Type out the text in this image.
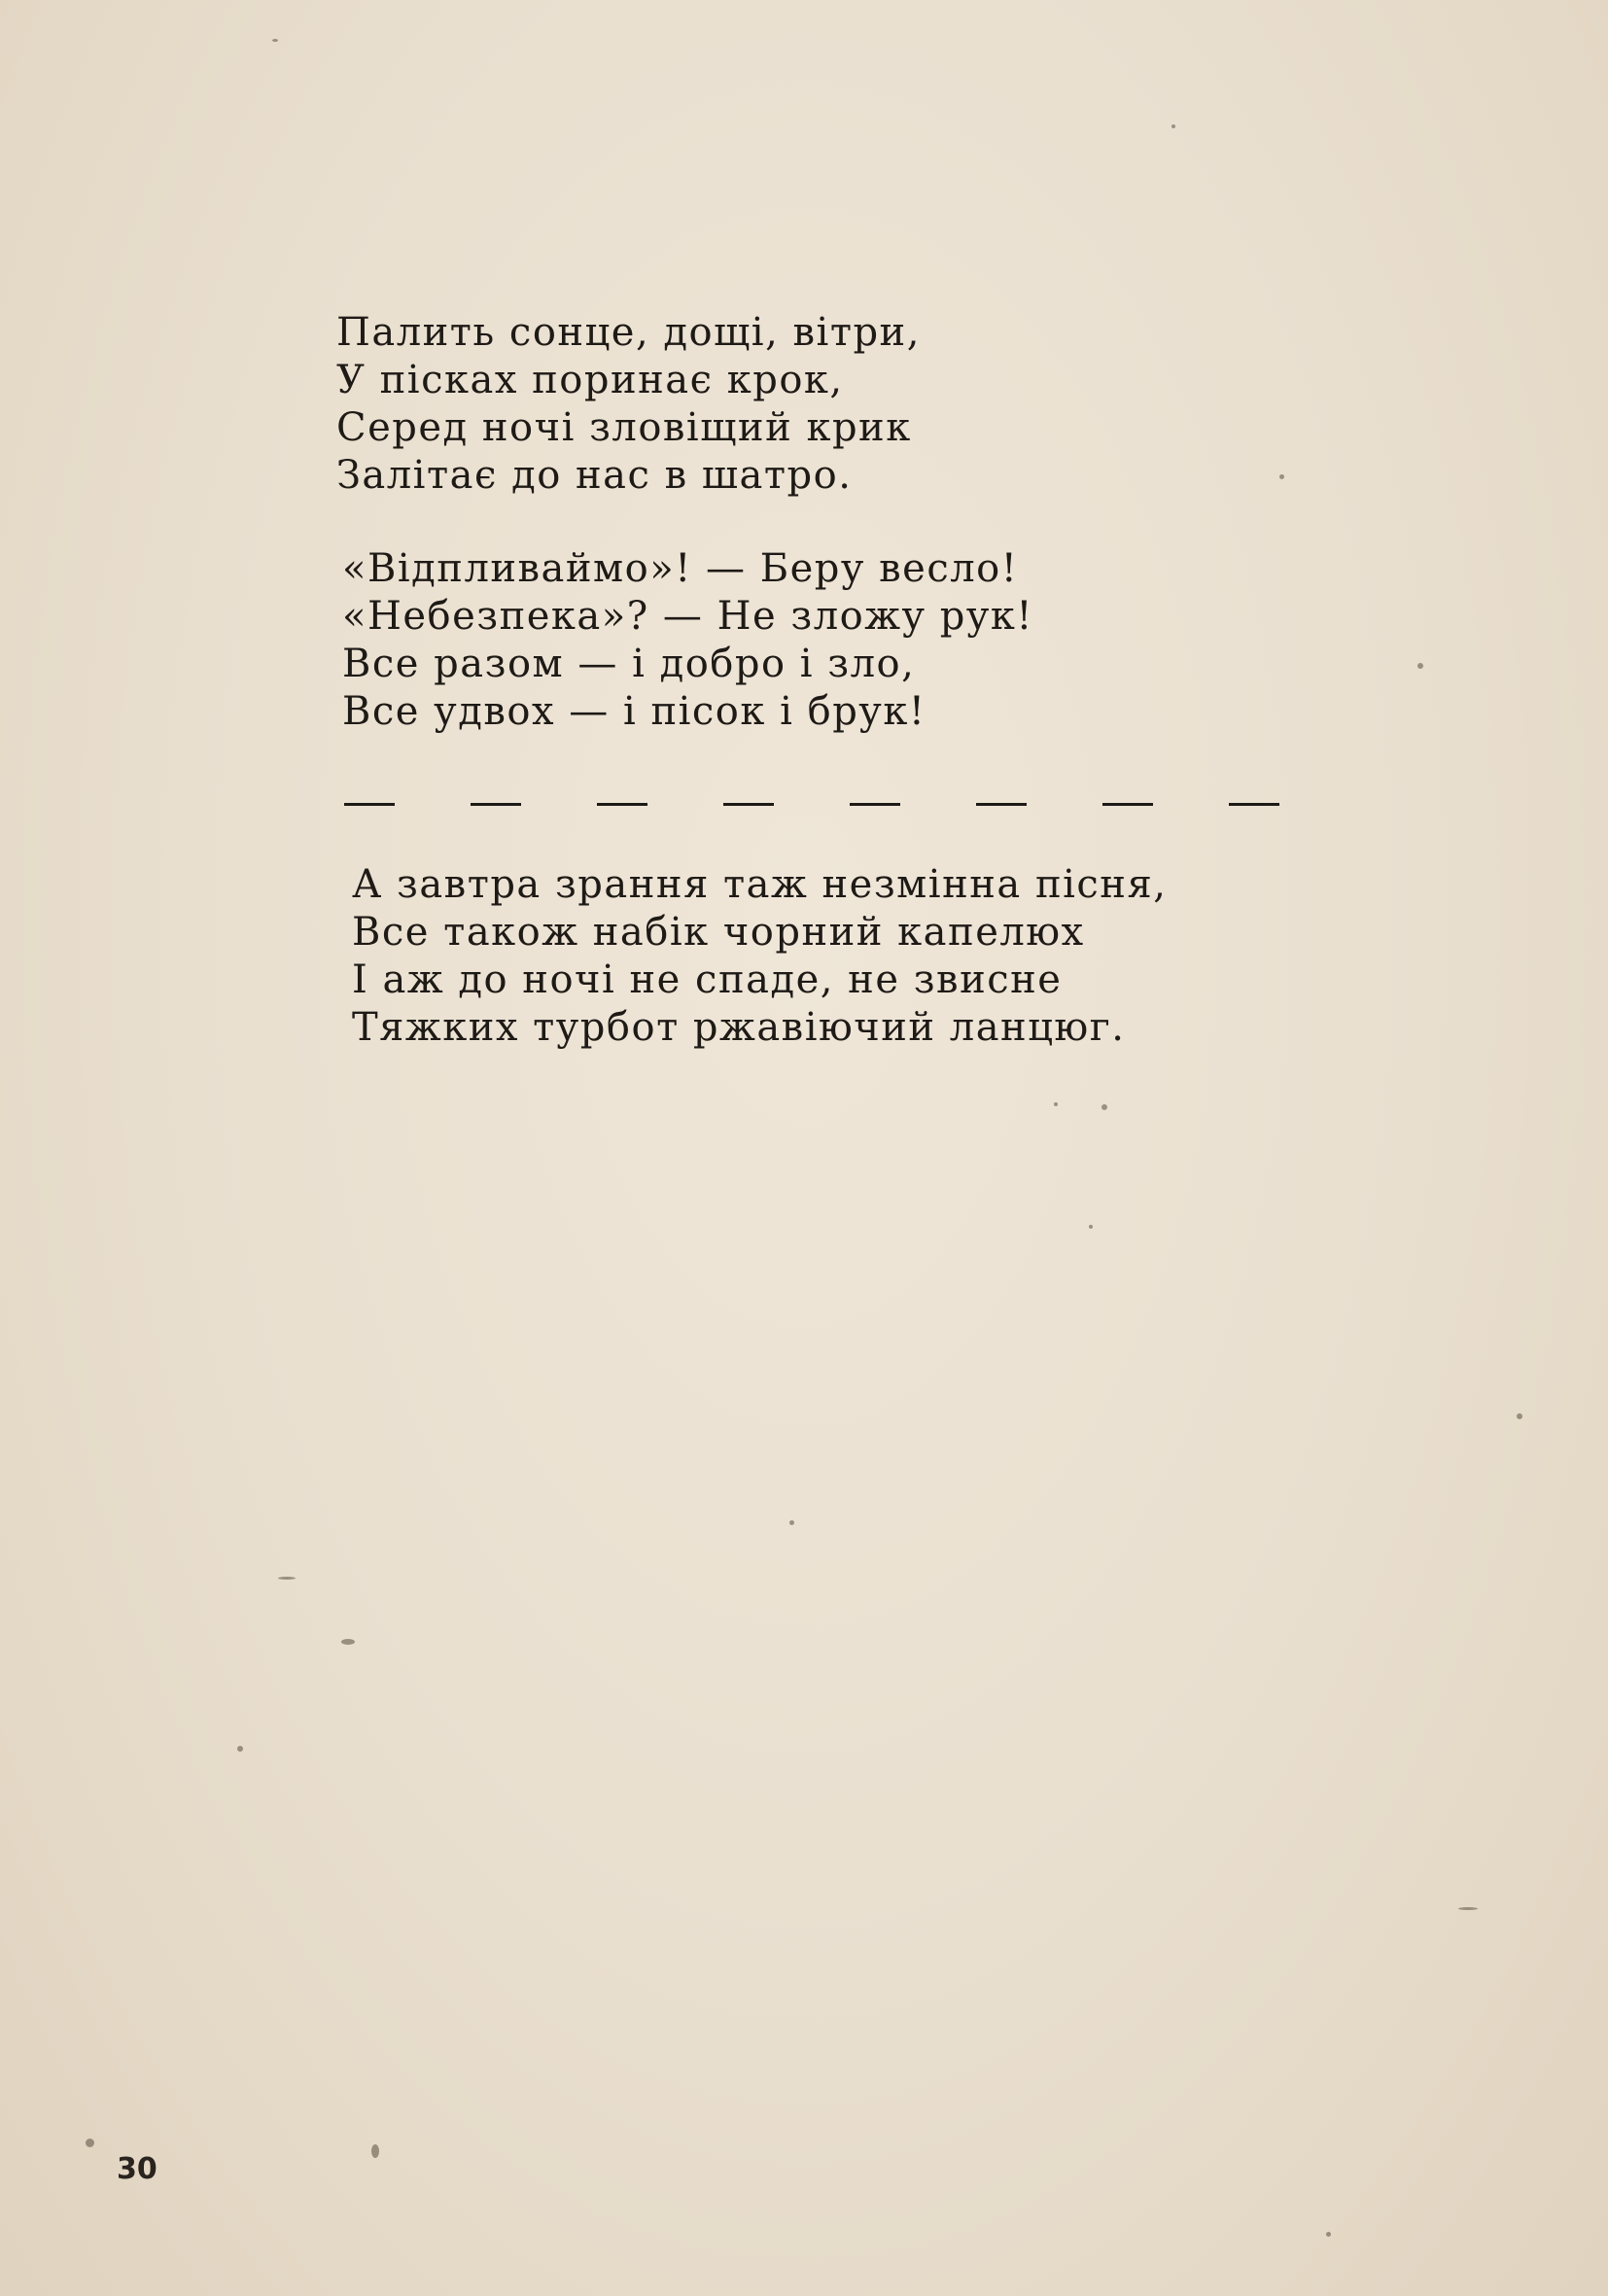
Палить сонце, дощі, вітри,
У пісках поринає крок,
Серед ночі зловіщий крик
Залітає до нас в шатро.
«Відпливаймо»! — Беру весло!
«Небезпека»? — Не зложу рук!
Все разом — і добро і зло,
Все удвох — і пісок і брук!
А завтра зрання таж незмінна пісня,
Все також набік чорний капелюх
І аж до ночі не спаде, не звисне
Тяжких турбот ржавіючий ланцюг.
30
